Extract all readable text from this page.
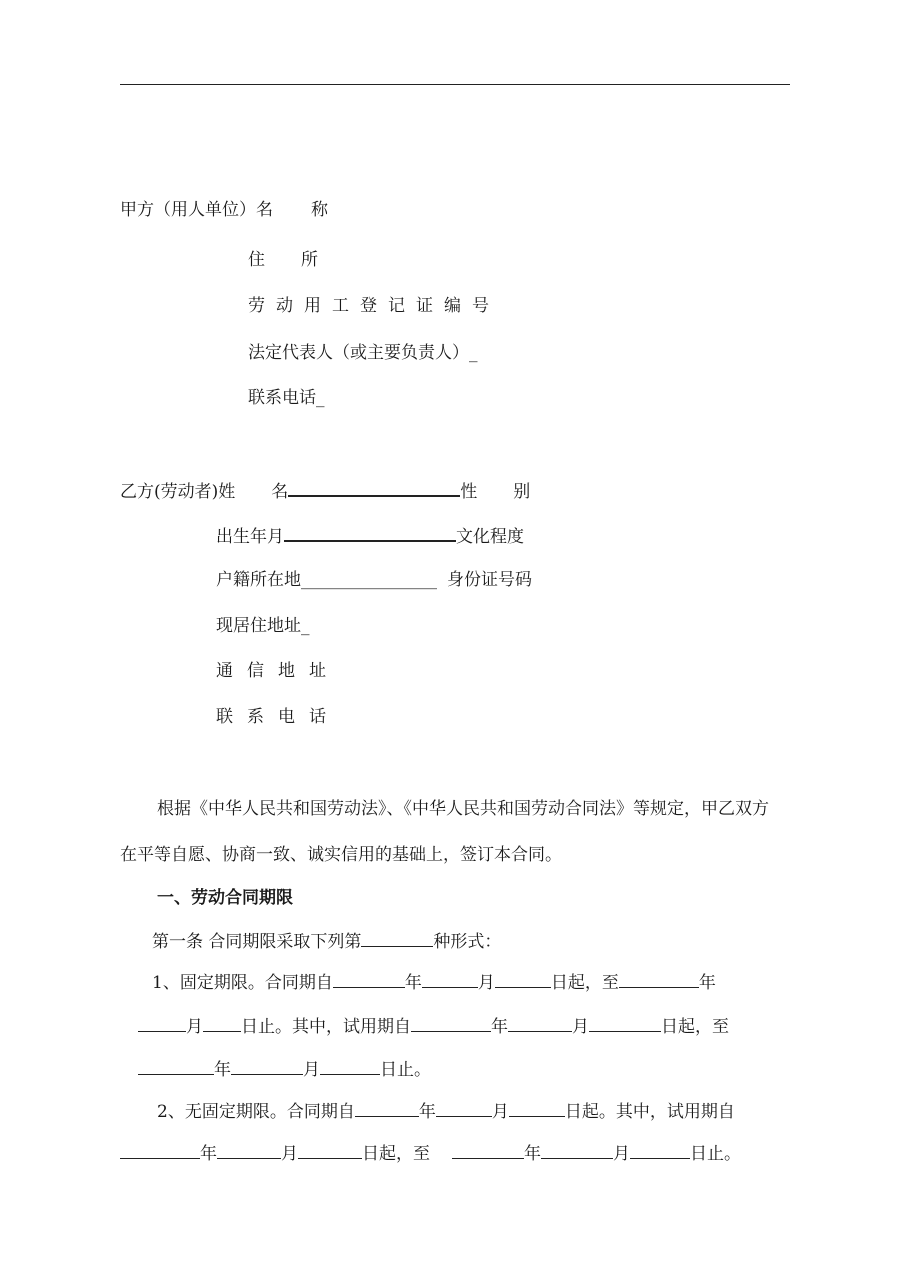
甲方（用人单位）名 称
住 所
劳动用工登记证编号
法定代表人（或主要负责人）_
联系电话_
乙方(劳动者)姓 名	性 别
出生年月	文化程度
户籍所在地________________ 身份证号码
现居住地址_
通信地址
联系电话
根据《中华人民共和国劳动法》、《中华人民共和国劳动合同法》等规定，甲乙双方
在平等自愿、协商一致、诚实信用的基础上，签订本合同。
一、劳动合同期限
第一条 合同期限采取下列第	种形式：
1、固定期限。合同期自	年	月	日起，至	年
月 日止。其中，试用期自	年	月	日起，至
年	月	日止。
2、无固定期限。合同期自	年	月	日起。其中，试用期自
年	月	日起，至	年	月	日止。
